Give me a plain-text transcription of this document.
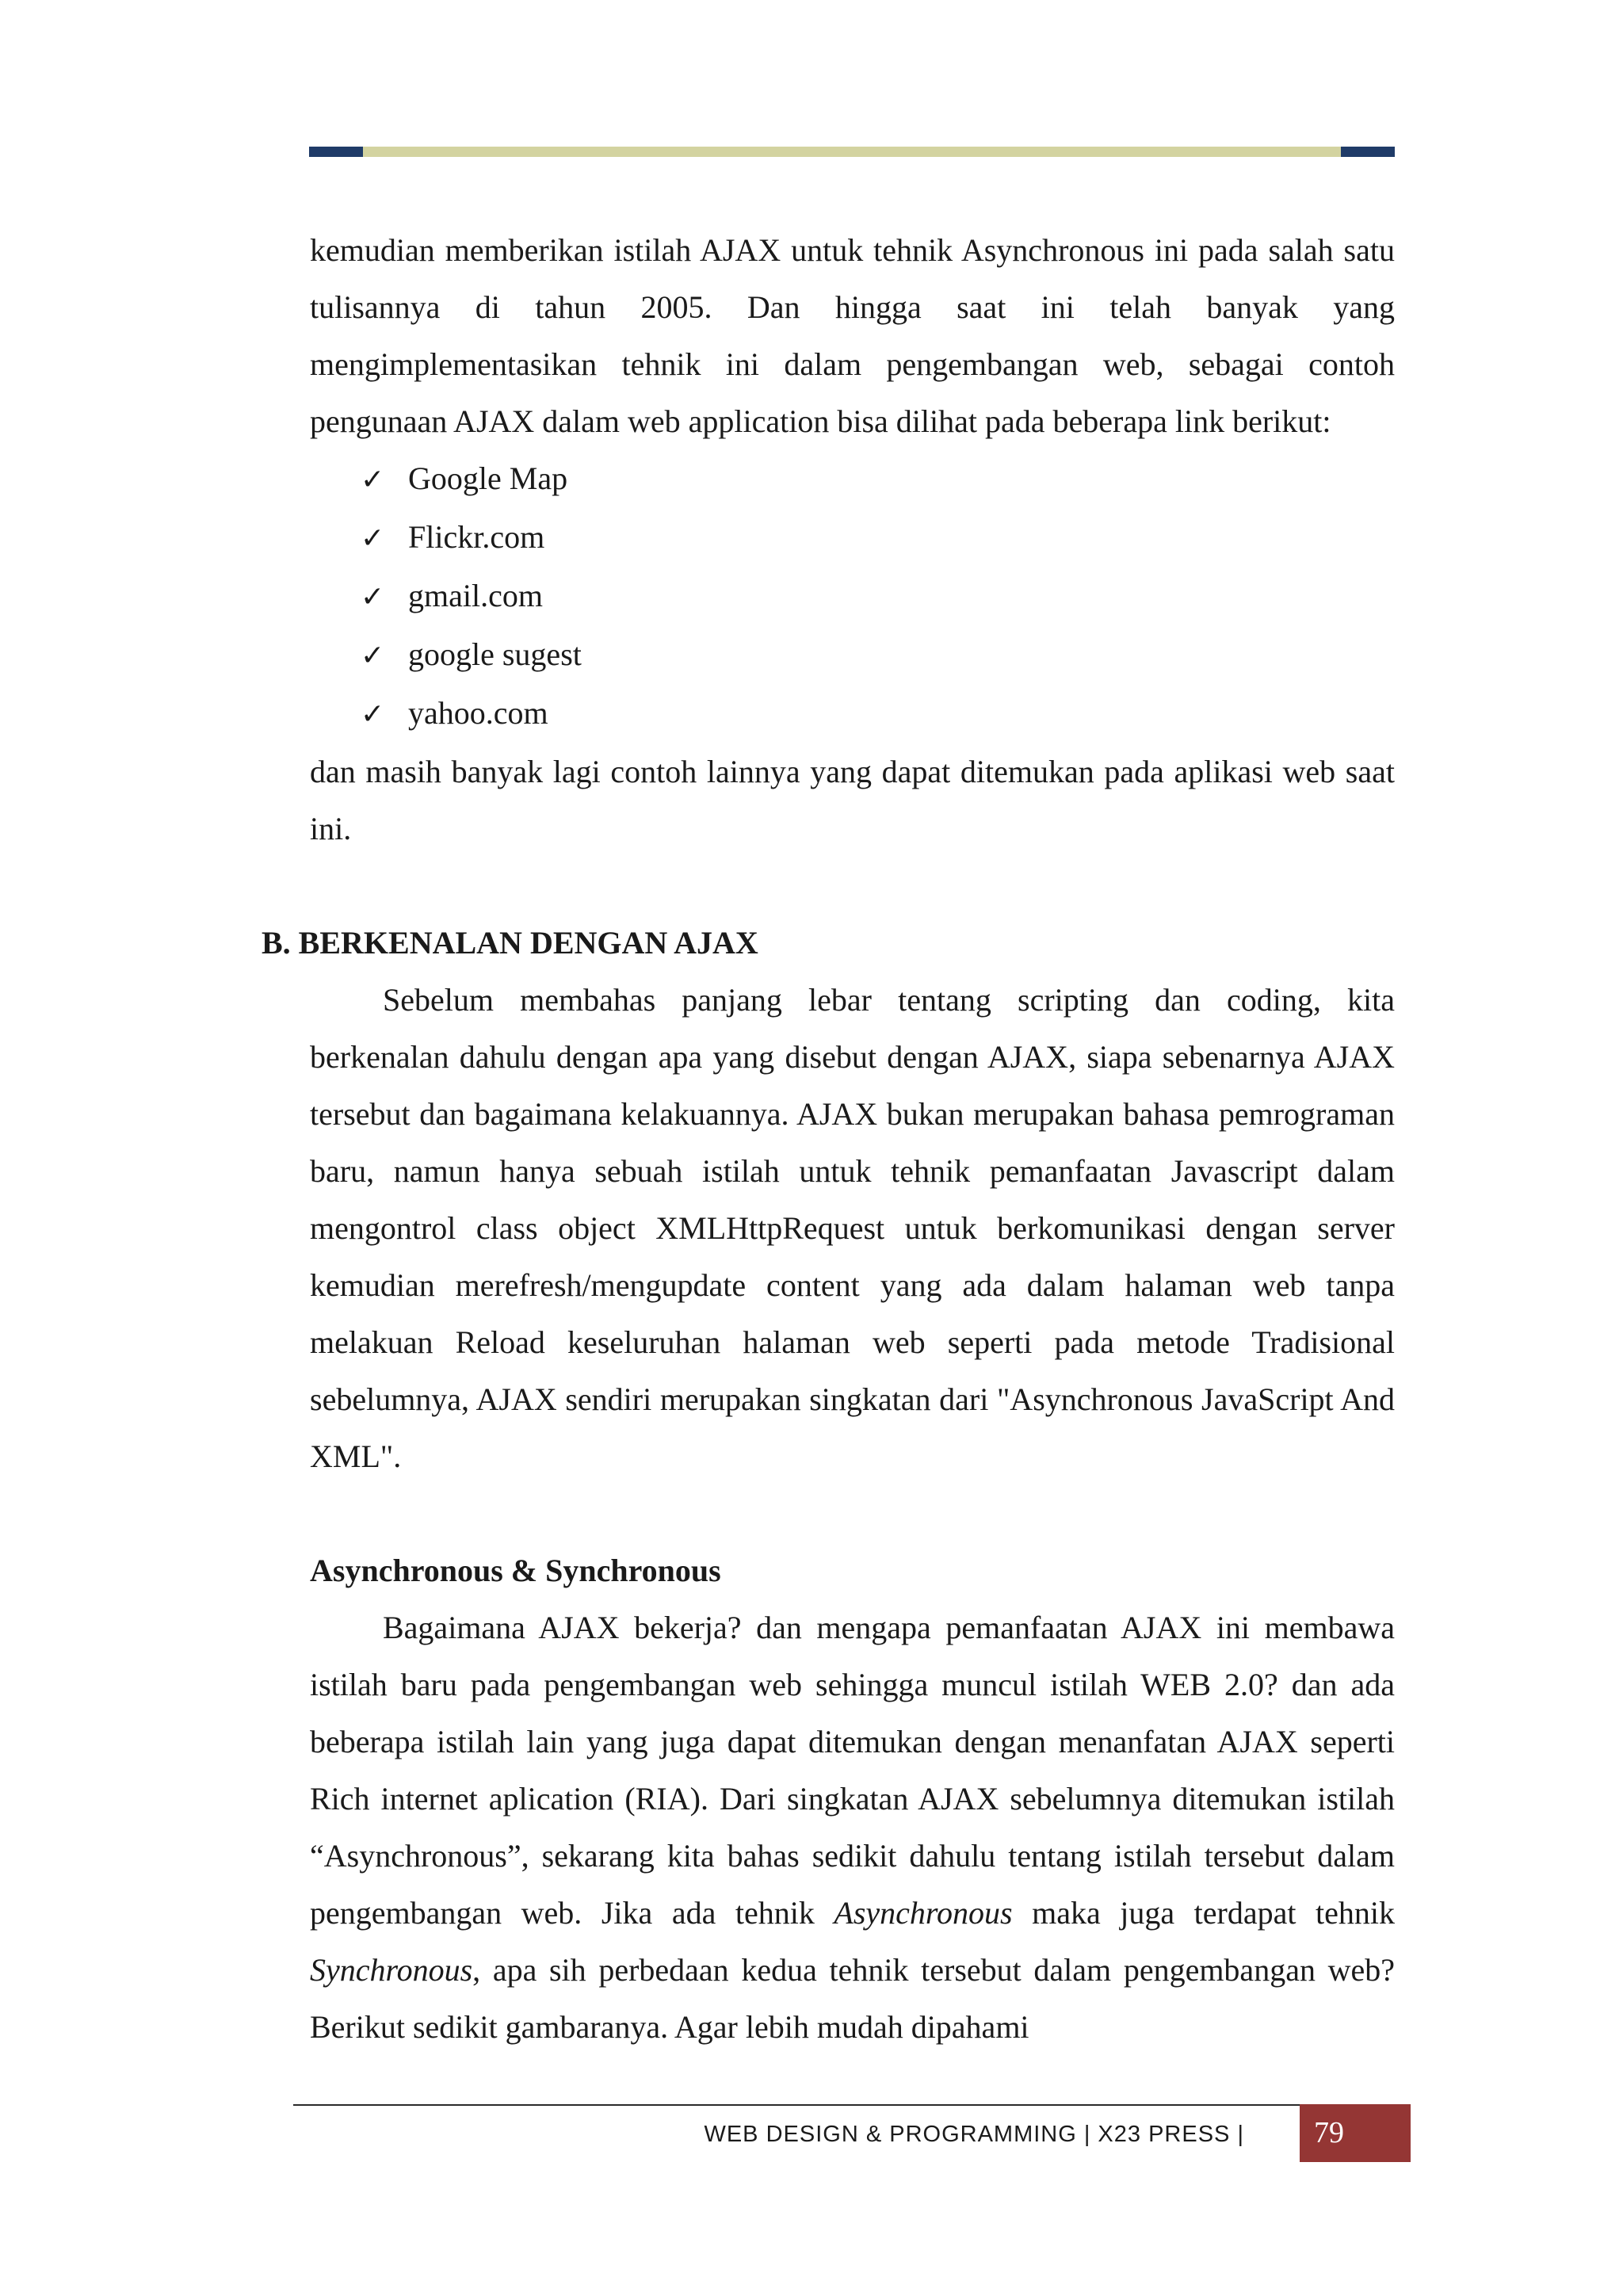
kemudian memberikan istilah AJAX untuk tehnik Asynchronous ini pada salah satu tulisannya di tahun 2005. Dan hingga saat ini telah banyak yang mengimplementasikan tehnik ini dalam pengembangan web, sebagai contoh pengunaan AJAX dalam web application bisa dilihat pada beberapa link berikut:

✓ Google Map
✓ Flickr.com
✓ gmail.com
✓ google sugest
✓ yahoo.com

dan masih banyak lagi contoh lainnya yang dapat ditemukan pada aplikasi web saat ini.

B. BERKENALAN DENGAN AJAX

Sebelum membahas panjang lebar tentang scripting dan coding, kita berkenalan dahulu dengan apa yang disebut dengan AJAX, siapa sebenarnya AJAX tersebut dan bagaimana kelakuannya. AJAX bukan merupakan bahasa pemrograman baru, namun hanya sebuah istilah untuk tehnik pemanfaatan Javascript dalam mengontrol class object XMLHttpRequest untuk berkomunikasi dengan server kemudian merefresh/mengupdate content yang ada dalam halaman web tanpa melakuan Reload keseluruhan halaman web seperti pada metode Tradisional sebelumnya, AJAX sendiri merupakan singkatan dari "Asynchronous JavaScript And XML".

Asynchronous & Synchronous

Bagaimana AJAX bekerja? dan mengapa pemanfaatan AJAX ini membawa istilah baru pada pengembangan web sehingga muncul istilah WEB 2.0? dan ada beberapa istilah lain yang juga dapat ditemukan dengan menanfatan AJAX seperti Rich internet aplication (RIA). Dari singkatan AJAX sebelumnya ditemukan istilah “Asynchronous”, sekarang kita bahas sedikit dahulu tentang istilah tersebut dalam pengembangan web. Jika ada tehnik Asynchronous maka juga terdapat tehnik Synchronous, apa sih perbedaan kedua tehnik tersebut dalam pengembangan web? Berikut sedikit gambaranya. Agar lebih mudah dipahami

WEB DESIGN & PROGRAMMING | X23 PRESS |	79
